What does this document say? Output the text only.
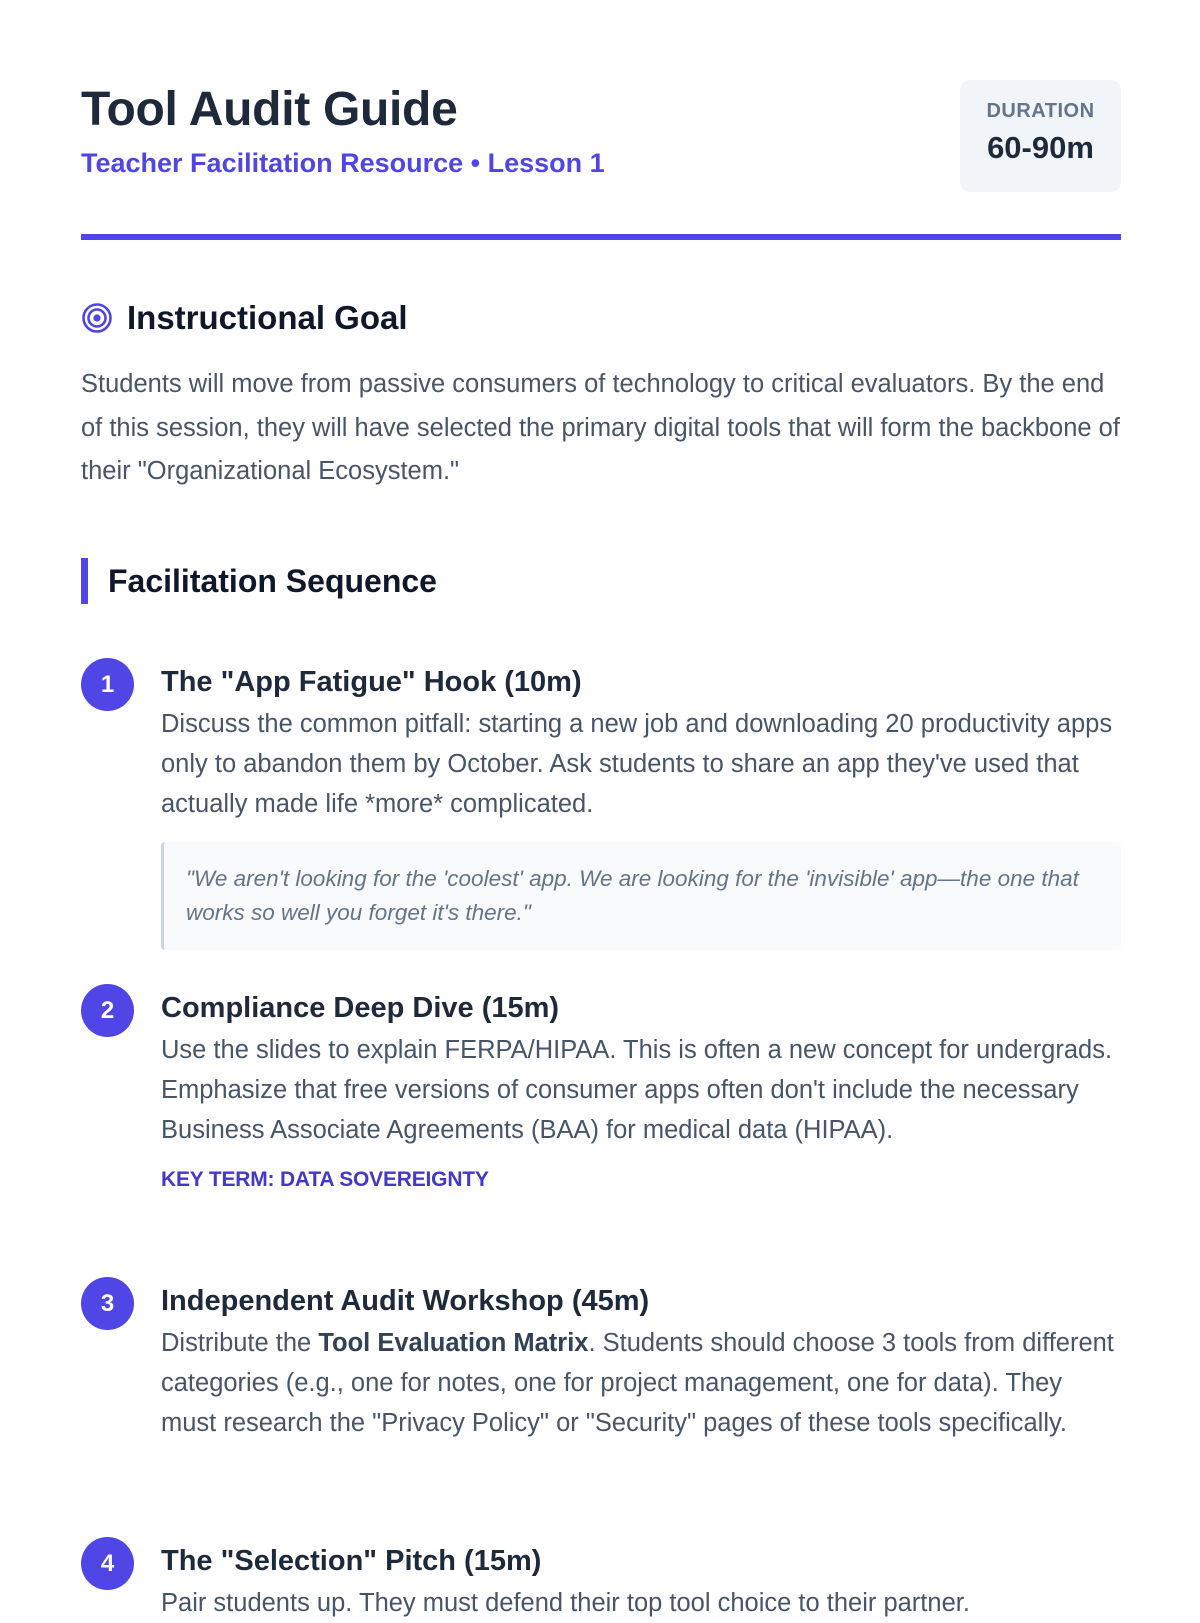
Tool Audit Guide
Teacher Facilitation Resource • Lesson 1
DURATION
60-90m
Instructional Goal

Students will move from passive consumers of technology to critical evaluators. By the end of this session, they will have selected the primary digital tools that will form the backbone of their "Organizational Ecosystem."

Facilitation Sequence
1	The "App Fatigue" Hook (10m)

Discuss the common pitfall: starting a new job and downloading 20 productivity apps only to abandon them by October. Ask students to share an app they've used that actually made life *more* complicated.

"We aren't looking for the 'coolest' app. We are looking for the 'invisible' app—the one that works so well you forget it's there."
2	Compliance Deep Dive (15m)

Use the slides to explain FERPA/HIPAA. This is often a new concept for undergrads. Emphasize that free versions of consumer apps often don't include the necessary Business Associate Agreements (BAA) for medical data (HIPAA).

KEY TERM: DATA SOVEREIGNTY
3	Independent Audit Workshop (45m)

Distribute the Tool Evaluation Matrix. Students should choose 3 tools from different categories (e.g., one for notes, one for project management, one for data). They must research the "Privacy Policy" or "Security" pages of these tools specifically.

4	The "Selection" Pitch (15m)

Pair students up. They must defend their top tool choice to their partner.
